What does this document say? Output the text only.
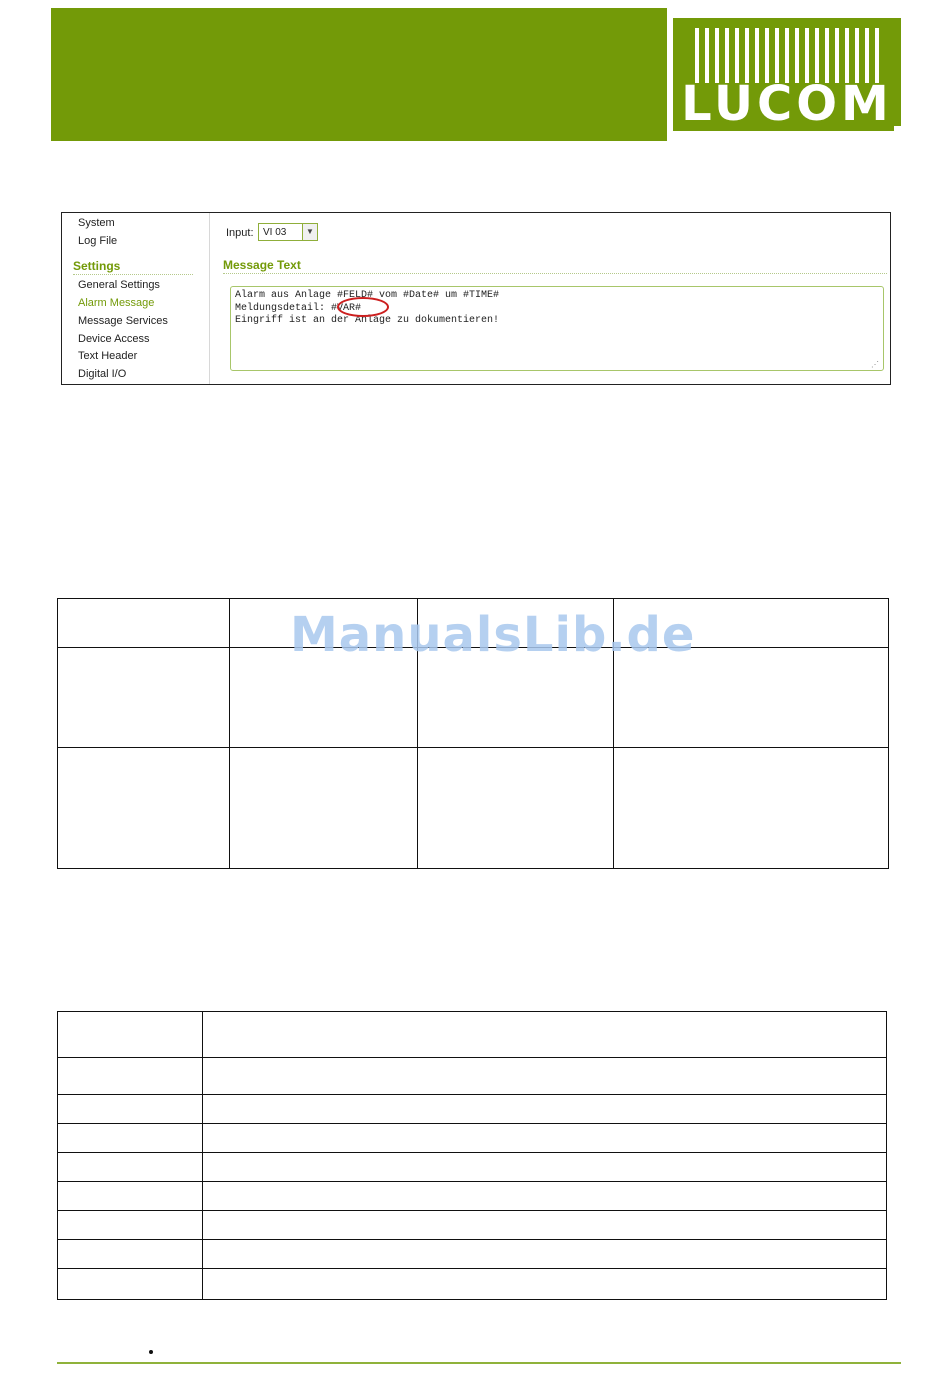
LUCOM
System
Log File
Settings
General Settings
Alarm Message
Message Services
Device Access
Text Header
Digital I/O
Input: VI 03	▼
Message Text
Alarm aus Anlage #FELD# vom #Date# um #TIME#
Meldungsdetail: #VAR#
Eingriff ist an der Anlage zu dokumentieren!
⋰

ManualsLib.de
